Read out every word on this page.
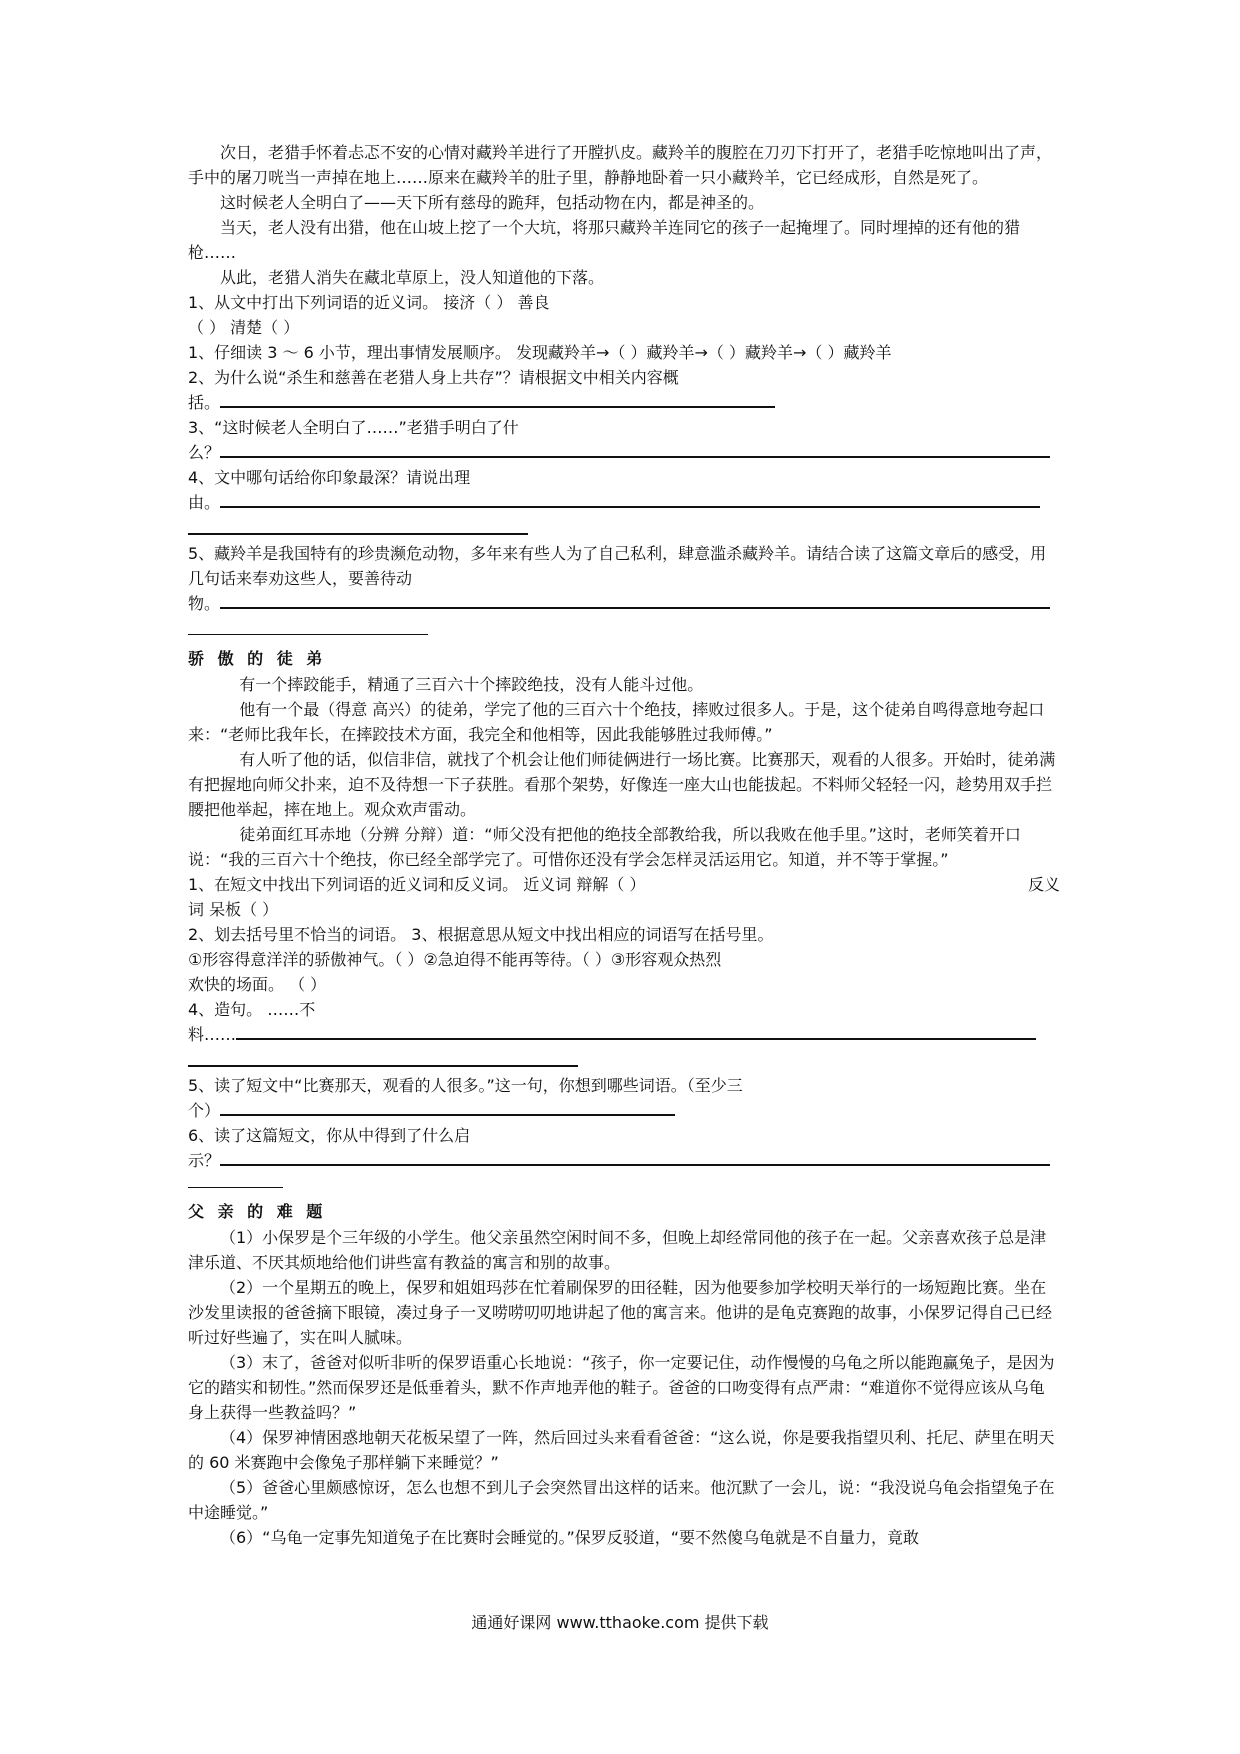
次日，老猎手怀着忐忑不安的心情对藏羚羊进行了开膛扒皮。藏羚羊的腹腔在刀刃下打开了，老猎手吃惊地叫出了声，手中的屠刀咣当一声掉在地上……原来在藏羚羊的肚子里，静静地卧着一只小藏羚羊，它已经成形，自然是死了。

这时候老人全明白了——天下所有慈母的跪拜，包括动物在内，都是神圣的。

当天，老人没有出猎，他在山坡上挖了一个大坑，将那只藏羚羊连同它的孩子一起掩埋了。同时埋掉的还有他的猎枪……

从此，老猎人消失在藏北草原上，没人知道他的下落。

1、从文中打出下列词语的近义词。 接济（ ） 善良

（ ） 清楚（ ）

1、仔细读 3 ～ 6 小节，理出事情发展顺序。 发现藏羚羊→（ ）藏羚羊→（ ）藏羚羊→（ ）藏羚羊

2、为什么说“杀生和慈善在老猎人身上共存”？请根据文中相关内容概

括。

3、“这时候老人全明白了……”老猎手明白了什

么？

4、文中哪句话给你印象最深？请说出理

由。

5、藏羚羊是我国特有的珍贵濒危动物，多年来有些人为了自己私利，肆意滥杀藏羚羊。请结合读了这篇文章后的感受，用几句话来奉劝这些人，要善待动

物。

骄 傲 的 徒 弟

有一个摔跤能手，精通了三百六十个摔跤绝技，没有人能斗过他。

他有一个最（得意 高兴）的徒弟，学完了他的三百六十个绝技，摔败过很多人。于是，这个徒弟自鸣得意地夸起口来：“老师比我年长，在摔跤技术方面，我完全和他相等，因此我能够胜过我师傅。”

有人听了他的话，似信非信，就找了个机会让他们师徒俩进行一场比赛。比赛那天，观看的人很多。开始时，徒弟满有把握地向师父扑来，迫不及待想一下子获胜。看那个架势，好像连一座大山也能拔起。不料师父轻轻一闪，趁势用双手拦腰把他举起，摔在地上。观众欢声雷动。

徒弟面红耳赤地（分辨 分辩）道：“师父没有把他的绝技全部教给我，所以我败在他手里。”这时，老师笑着开口说：“我的三百六十个绝技，你已经全部学完了。可惜你还没有学会怎样灵活运用它。知道，并不等于掌握。”

1、在短文中找出下列词语的近义词和反义词。 近义词 辩解（ ）	反义

词 呆板（ ）

2、划去括号里不恰当的词语。 3、根据意思从短文中找出相应的词语写在括号里。

①形容得意洋洋的骄傲神气。（ ）②急迫得不能再等待。（ ）③形容观众热烈

欢快的场面。 （ ）

4、造句。 ……不

料……

5、读了短文中“比赛那天，观看的人很多。”这一句，你想到哪些词语。（至少三

个）

6、读了这篇短文，你从中得到了什么启

示？

父 亲 的 难 题

（1）小保罗是个三年级的小学生。他父亲虽然空闲时间不多，但晚上却经常同他的孩子在一起。父亲喜欢孩子总是津津乐道、不厌其烦地给他们讲些富有教益的寓言和别的故事。

（2）一个星期五的晚上，保罗和姐姐玛莎在忙着刷保罗的田径鞋，因为他要参加学校明天举行的一场短跑比赛。坐在沙发里读报的爸爸摘下眼镜，凑过身子一叉唠唠叨叨地讲起了他的寓言来。他讲的是龟克赛跑的故事，小保罗记得自己已经听过好些遍了，实在叫人腻味。

（3）末了，爸爸对似听非听的保罗语重心长地说：“孩子，你一定要记住，动作慢慢的乌龟之所以能跑赢兔子，是因为它的踏实和韧性。”然而保罗还是低垂着头，默不作声地弄他的鞋子。爸爸的口吻变得有点严肃：“难道你不觉得应该从乌龟身上获得一些教益吗？”

（4）保罗神情困惑地朝天花板呆望了一阵，然后回过头来看看爸爸：“这么说，你是要我指望贝利、托尼、萨里在明天的 60 米赛跑中会像兔子那样躺下来睡觉？”

（5）爸爸心里颇感惊讶，怎么也想不到儿子会突然冒出这样的话来。他沉默了一会儿，说：“我没说乌龟会指望兔子在中途睡觉。”

（6）“乌龟一定事先知道兔子在比赛时会睡觉的。”保罗反驳道，“要不然傻乌龟就是不自量力，竟敢

通通好课网 www.tthaoke.com 提供下载
